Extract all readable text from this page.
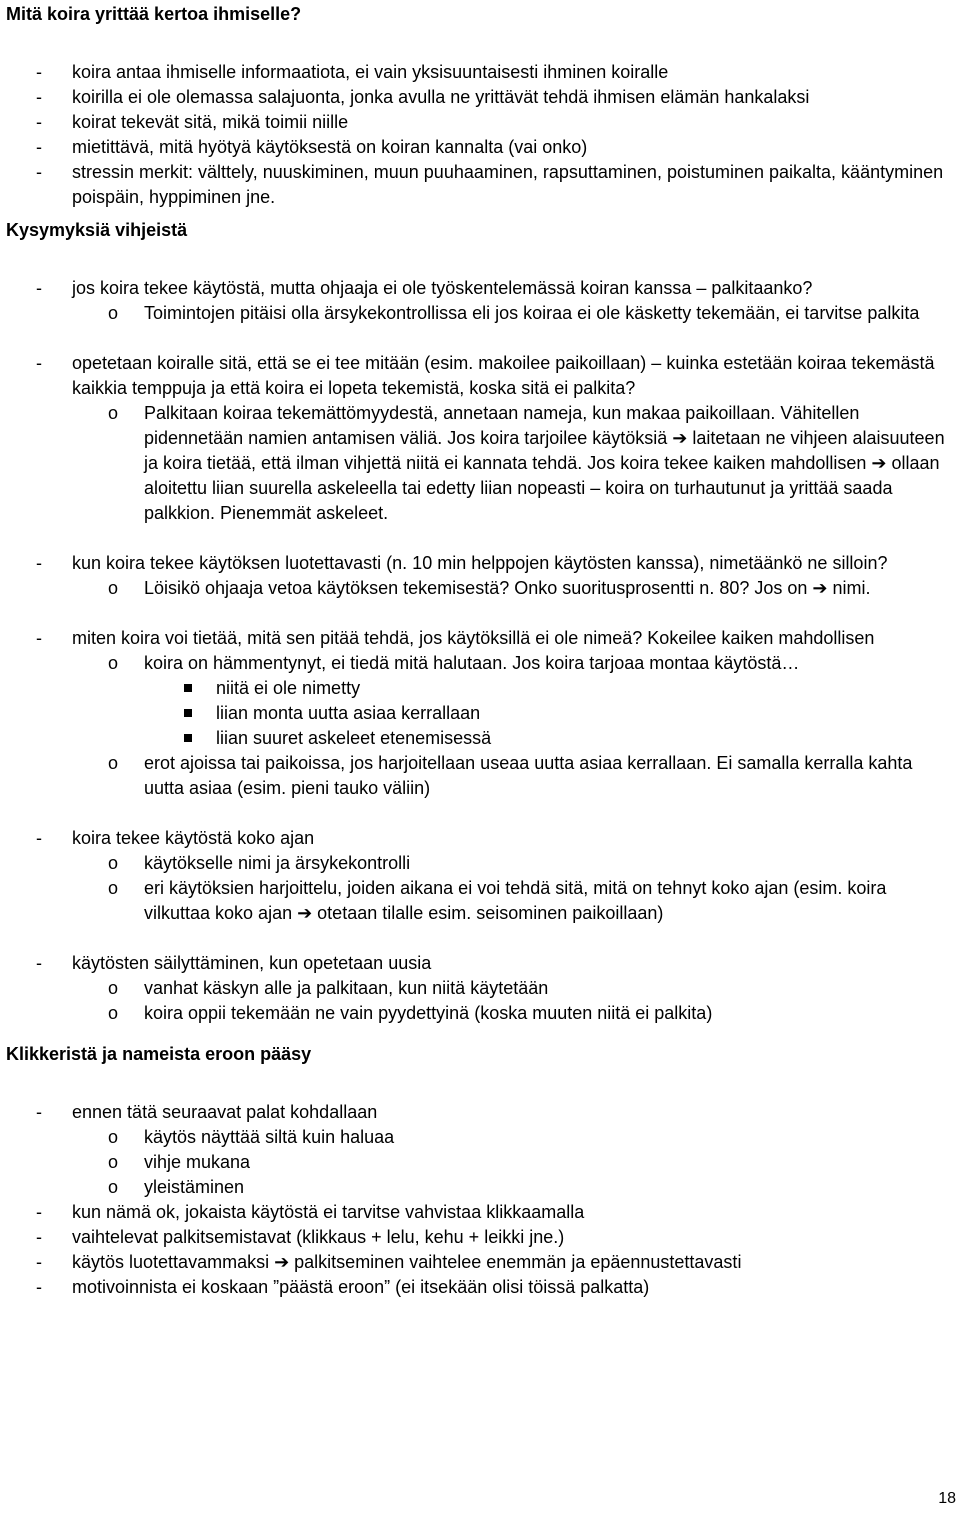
Mitä koira yrittää kertoa ihmiselle?
- koira antaa ihmiselle informaatiota, ei vain yksisuuntaisesti ihminen koiralle
- koirilla ei ole olemassa salajuonta, jonka avulla ne yrittävät tehdä ihmisen elämän hankalaksi
- koirat tekevät sitä, mikä toimii niille
- mietittävä, mitä hyötyä käytöksestä on koiran kannalta (vai onko)
- stressin merkit: välttely, nuuskiminen, muun puuhaaminen, rapsuttaminen, poistuminen paikalta, kääntyminen poispäin, hyppiminen jne.
Kysymyksiä vihjeistä
- jos koira tekee käytöstä, mutta ohjaaja ei ole työskentelemässä koiran kanssa – palkitaanko?
o Toimintojen pitäisi olla ärsykekontrollissa eli jos koiraa ei ole käsketty tekemään, ei tarvitse palkita
- opetetaan koiralle sitä, että se ei tee mitään (esim. makoilee paikoillaan) – kuinka estetään koiraa tekemästä kaikkia temppuja ja että koira ei lopeta tekemistä, koska sitä ei palkita?
o Palkitaan koiraa tekemättömyydestä, annetaan nameja, kun makaa paikoillaan. Vähitellen pidennetään namien antamisen väliä. Jos koira tarjoilee käytöksiä ➔ laitetaan ne vihjeen alaisuuteen ja koira tietää, että ilman vihjettä niitä ei kannata tehdä. Jos koira tekee kaiken mahdollisen ➔ ollaan aloitettu liian suurella askeleella tai edetty liian nopeasti – koira on turhautunut ja yrittää saada palkkion. Pienemmät askeleet.
- kun koira tekee käytöksen luotettavasti (n. 10 min helppojen käytösten kanssa), nimetäänkö ne silloin?
o Löisikö ohjaaja vetoa käytöksen tekemisestä? Onko suoritusprosentti n. 80? Jos on ➔ nimi.
- miten koira voi tietää, mitä sen pitää tehdä, jos käytöksillä ei ole nimeä? Kokeilee kaiken mahdollisen
o koira on hämmentynyt, ei tiedä mitä halutaan. Jos koira tarjoaa montaa käytöstä…
niitä ei ole nimetty
liian monta uutta asiaa kerrallaan
liian suuret askeleet etenemisessä
o erot ajoissa tai paikoissa, jos harjoitellaan useaa uutta asiaa kerrallaan. Ei samalla kerralla kahta uutta asiaa (esim. pieni tauko väliin)
- koira tekee käytöstä koko ajan
o käytökselle nimi ja ärsykekontrolli
o eri käytöksien harjoittelu, joiden aikana ei voi tehdä sitä, mitä on tehnyt koko ajan (esim. koira vilkuttaa koko ajan ➔ otetaan tilalle esim. seisominen paikoillaan)
- käytösten säilyttäminen, kun opetetaan uusia
o vanhat käskyn alle ja palkitaan, kun niitä käytetään
o koira oppii tekemään ne vain pyydettyinä (koska muuten niitä ei palkita)
Klikkeristä ja nameista eroon pääsy
- ennen tätä seuraavat palat kohdallaan
o käytös näyttää siltä kuin haluaa
o vihje mukana
o yleistäminen
- kun nämä ok, jokaista käytöstä ei tarvitse vahvistaa klikkaamalla
- vaihtelevat palkitsemistavat (klikkaus + lelu, kehu + leikki jne.)
- käytös luotettavammaksi ➔ palkitseminen vaihtelee enemmän ja epäennustettavasti
- motivoinnista ei koskaan ”päästä eroon” (ei itsekään olisi töissä palkatta)
18
